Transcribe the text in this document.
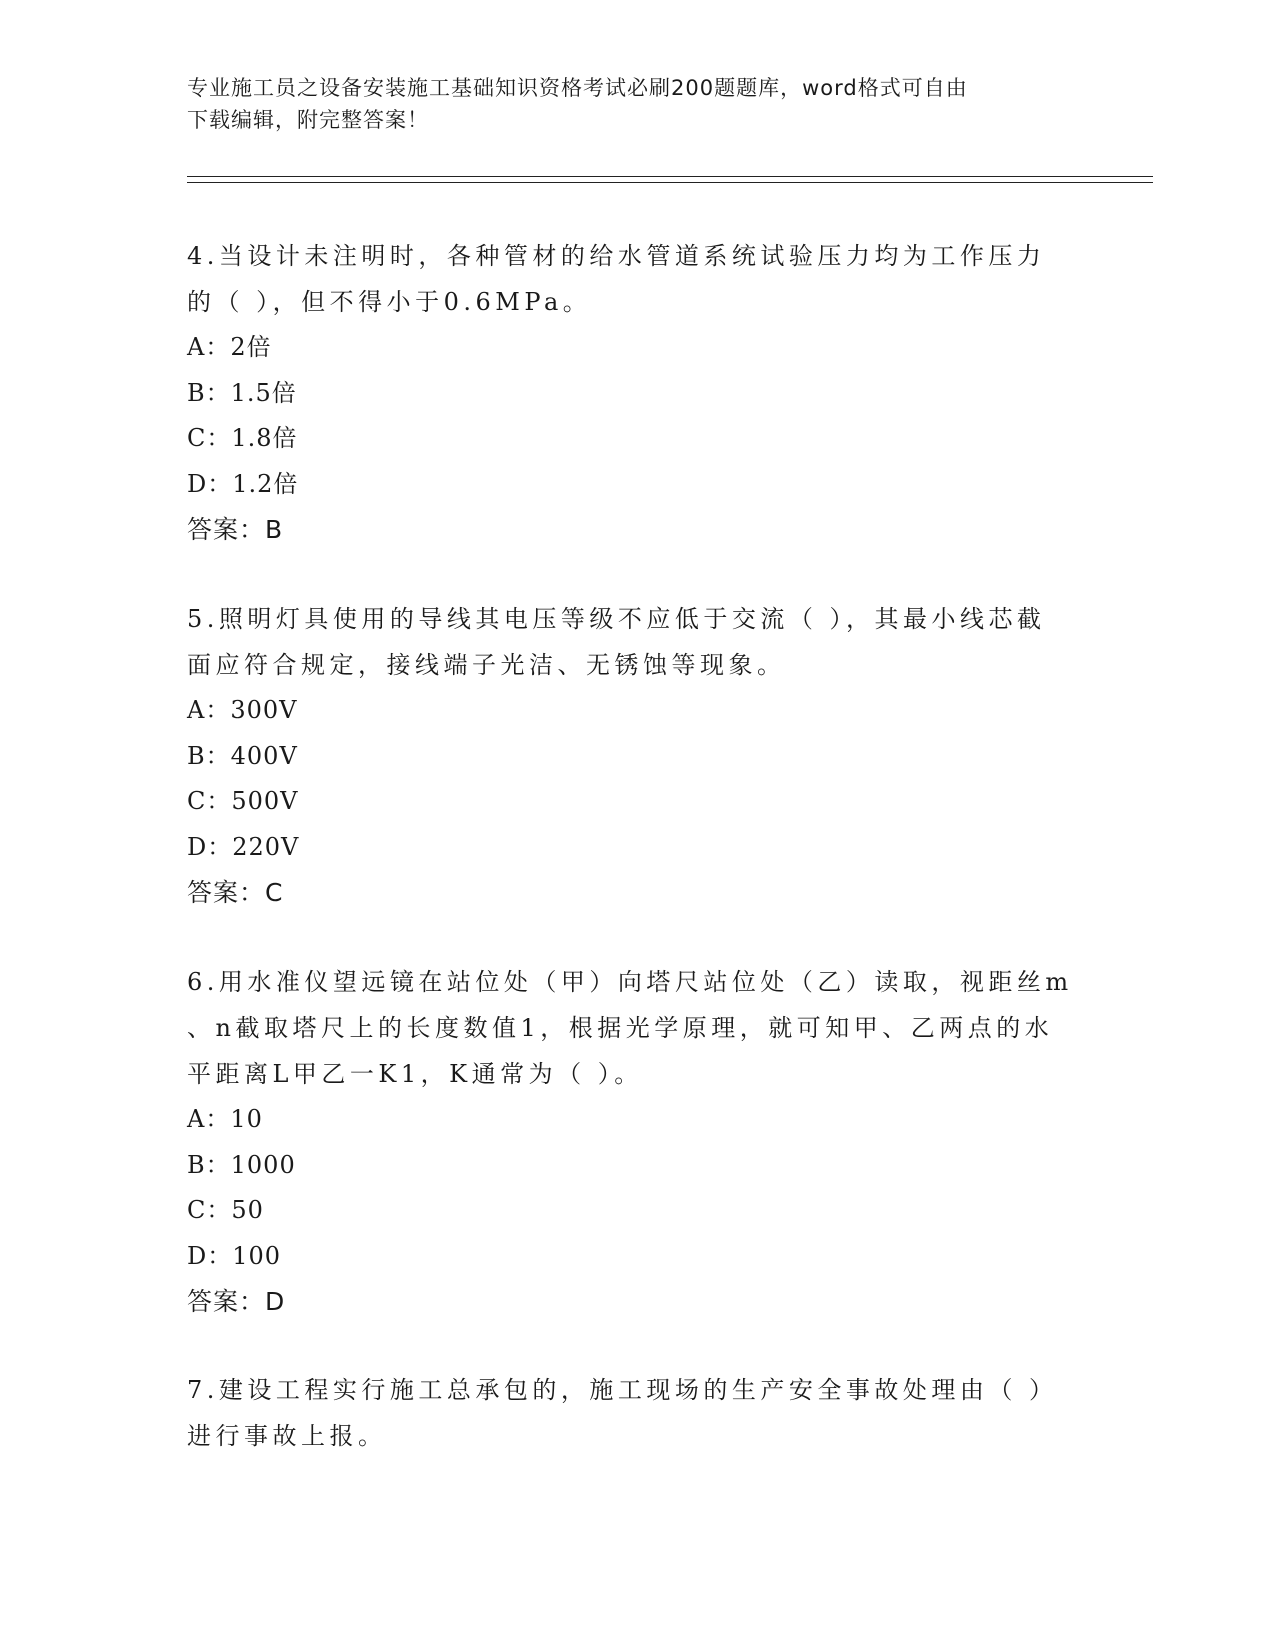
专业施工员之设备安装施工基础知识资格考试必刷200题题库，word格式可自由
下载编辑，附完整答案！

4.当设计未注明时，各种管材的给水管道系统试验压力均为工作压力

的（ ），但不得小于0.6MPa。

A：2倍

B：1.5倍

C：1.8倍

D：1.2倍

答案：B

5.照明灯具使用的导线其电压等级不应低于交流（ ），其最小线芯截

面应符合规定，接线端子光洁、无锈蚀等现象。

A：300V

B：400V

C：500V

D：220V

答案：C

6.用水准仪望远镜在站位处（甲）向塔尺站位处（乙）读取，视距丝m

、n截取塔尺上的长度数值1，根据光学原理，就可知甲、乙两点的水

平距离L甲乙一K1，K通常为（ ）。

A：10

B：1000

C：50

D：100

答案：D

7.建设工程实行施工总承包的，施工现场的生产安全事故处理由（ ）

进行事故上报。
